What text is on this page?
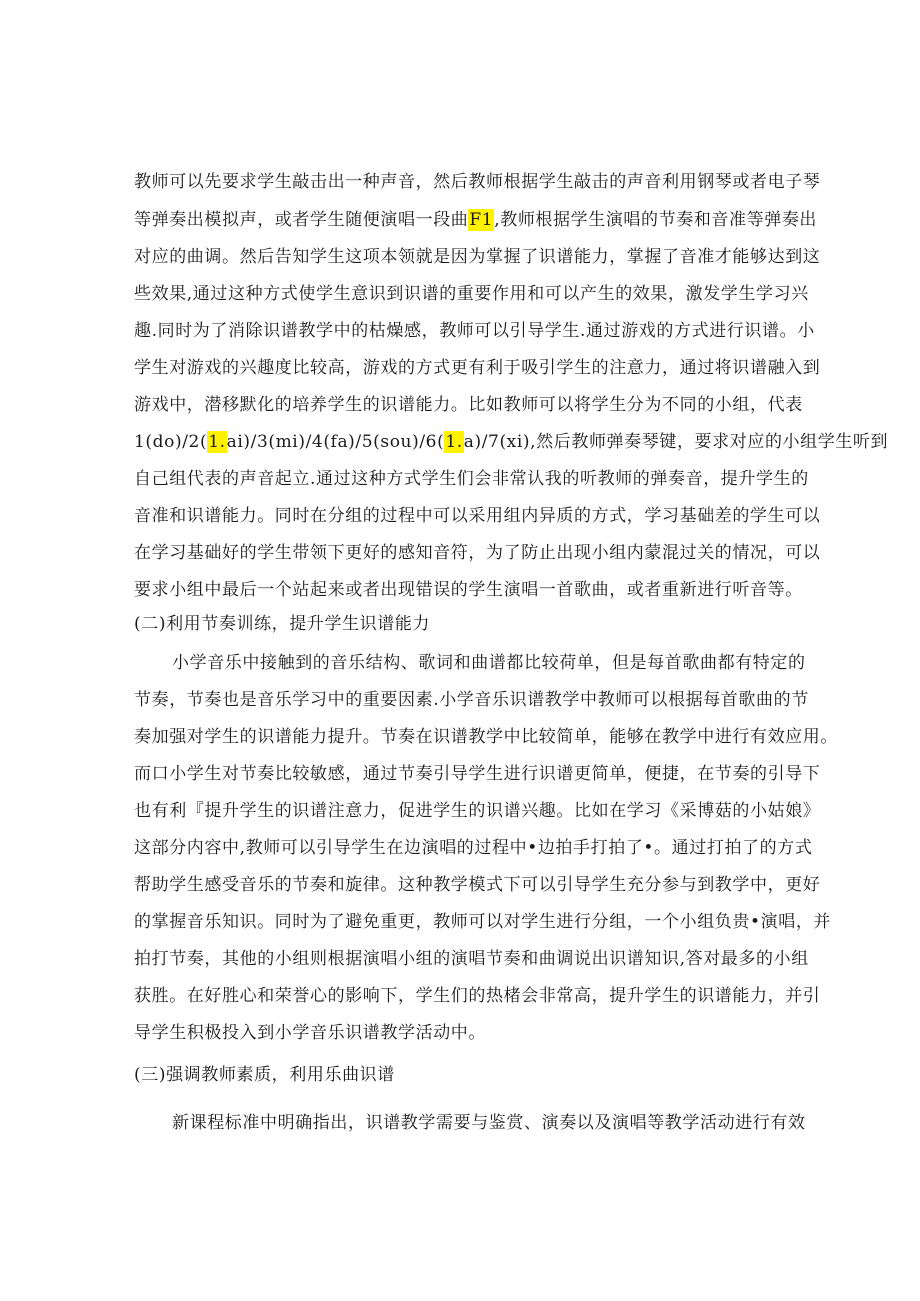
教师可以先要求学生敲击出一种声音，然后教师根据学生敲击的声音利用钢琴或者电子琴
等弹奏出模拟声，或者学生随便演唱一段曲F1,教师根据学生演唱的节奏和音准等弹奏出
对应的曲调。然后告知学生这项本领就是因为掌握了识谱能力，掌握了音准才能够达到这
些效果,通过这种方式使学生意识到识谱的重要作用和可以产生的效果，激发学生学习兴
趣.同时为了消除识谱教学中的枯燥感，教师可以引导学生.通过游戏的方式进行识谱。小
学生对游戏的兴趣度比较高，游戏的方式更有利于吸引学生的注意力，通过将识谱融入到
游戏中，潜移默化的培养学生的识谱能力。比如教师可以将学生分为不同的小组，代表
1(do)/2(1.ai)/3(mi)/4(fa)/5(sou)/6(1.a)/7(xi),然后教师弹奏琴键，要求对应的小组学生听到
自己组代表的声音起立.通过这种方式学生们会非常认我的听教师的弹奏音，提升学生的
音准和识谱能力。同时在分组的过程中可以采用组内异质的方式，学习基础差的学生可以
在学习基础好的学生带领下更好的感知音符，为了防止出现小组内蒙混过关的情况，可以
要求小组中最后一个站起来或者出现错误的学生演唱一首歌曲，或者重新进行听音等。
(二)利用节奏训练，提升学生识谱能力
小学音乐中接触到的音乐结构、歌词和曲谱都比较荷单，但是每首歌曲都有特定的
节奏，节奏也是音乐学习中的重要因素.小学音乐识谱教学中教师可以根据每首歌曲的节
奏加强对学生的识谱能力提升。节奏在识谱教学中比较简单，能够在教学中进行有效应用。
而口小学生对节奏比较敏感，通过节奏引导学生进行识谱更简单，便捷，在节奏的引导下
也有利『提升学生的识谱注意力，促进学生的识谱兴趣。比如在学习《采博菇的小姑娘》
这部分内容中,教师可以引导学生在边演唱的过程中•边拍手打拍了•。通过打拍了的方式
帮助学生感受音乐的节奏和旋律。这种教学模式下可以引导学生充分参与到教学中，更好
的掌握音乐知识。同时为了避免重更，教师可以对学生进行分组，一个小组负贵•演唱，并
拍打节奏，其他的小组则根据演唱小组的演唱节奏和曲调说出识谱知识,答对最多的小组
获胜。在好胜心和荣誉心的影响下，学生们的热楮会非常高，提升学生的识谱能力，并引
导学生积极投入到小学音乐识谱教学活动中。
(三)强调教师素质，利用乐曲识谱
新课程标准中明确指出，识谱教学需要与鉴赏、演奏以及演唱等教学活动进行有效
